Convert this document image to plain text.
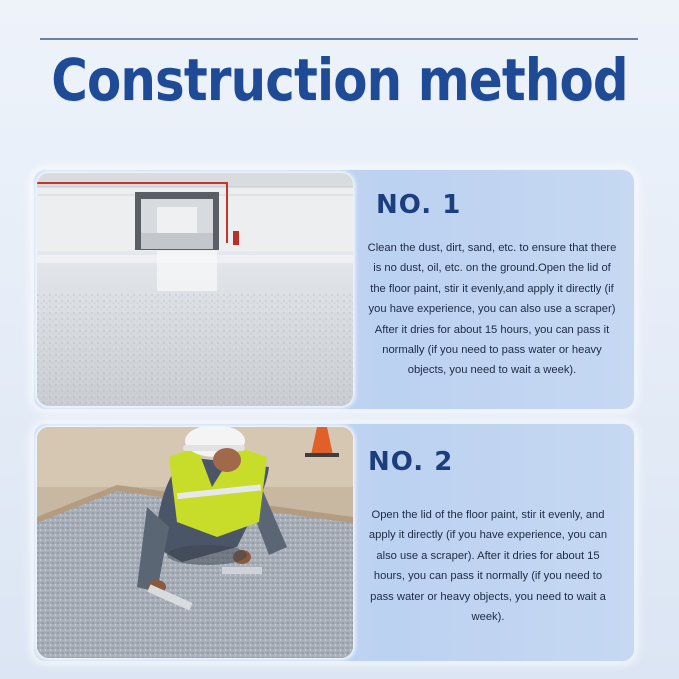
Construction method
NO. 1

Clean the dust, dirt, sand, etc. to ensure that there is no dust, oil, etc. on the ground.Open the lid of the floor paint, stir it evenly,and apply it directly (if you have experience, you can also use a scraper) After it dries for about 15 hours, you can pass it normally (if you need to pass water or heavy objects, you need to wait a week).

NO. 2

Open the lid of the floor paint, stir it evenly, and apply it directly (if you have experience, you can also use a scraper). After it dries for about 15 hours, you can pass it normally (if you need to pass water or heavy objects, you need to wait a week).
